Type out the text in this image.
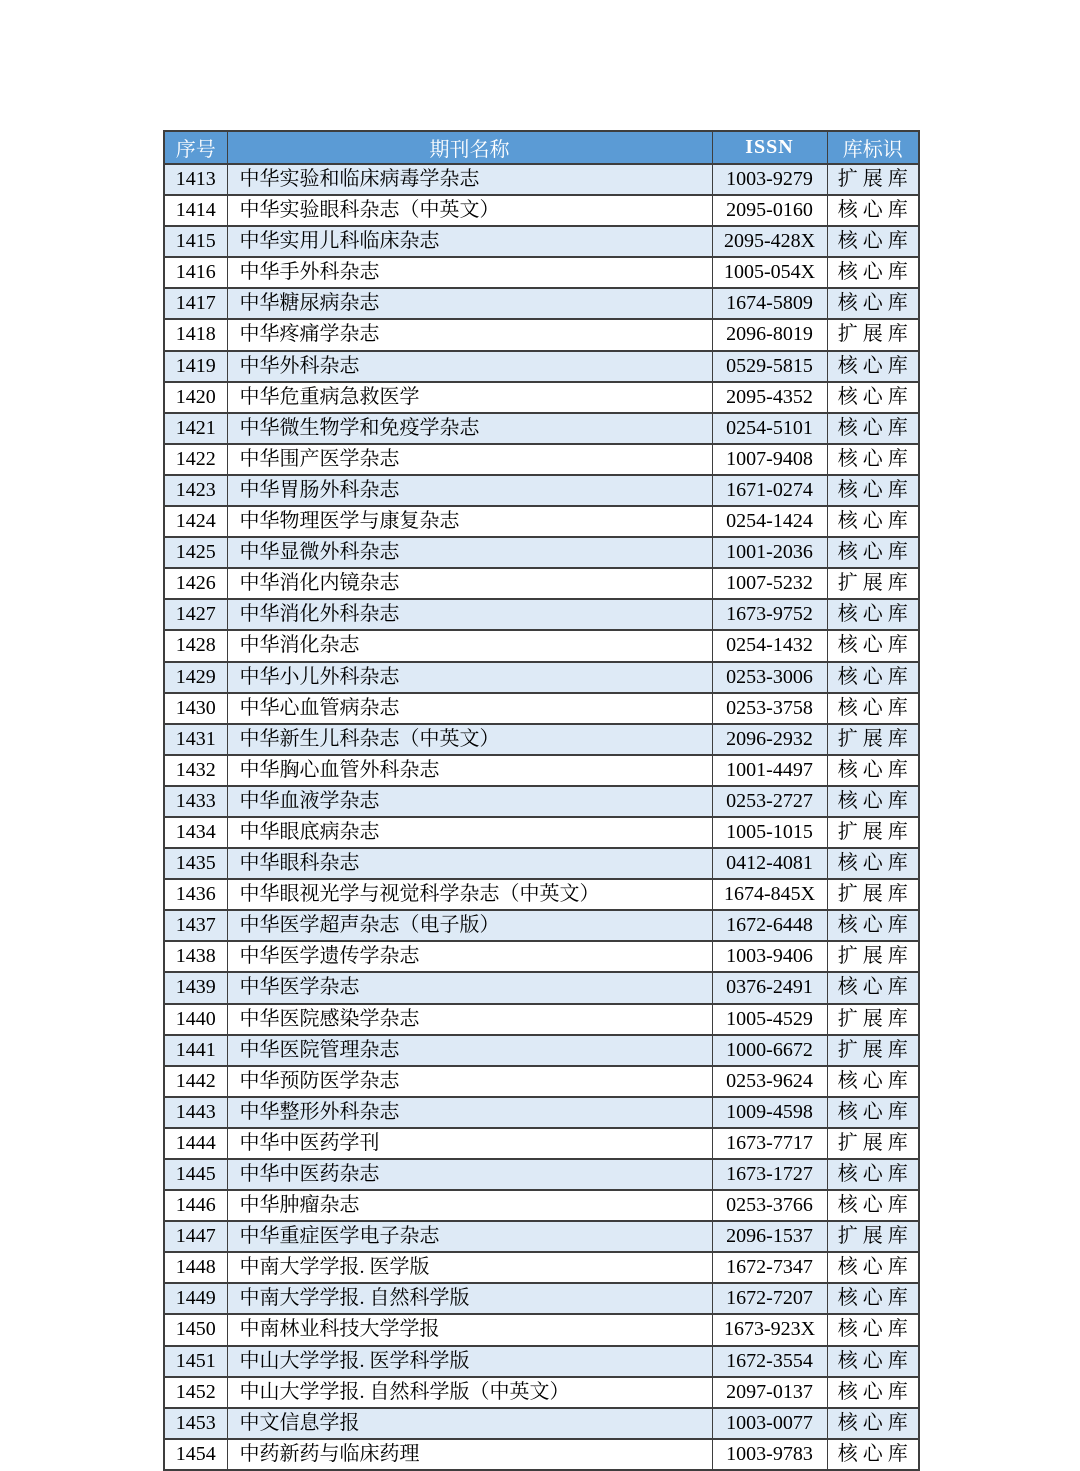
序号	期刊名称	ISSN	库标识
1413	中华实验和临床病毒学杂志	1003-9279	扩展库
1414	中华实验眼科杂志（中英文）	2095-0160	核心库
1415	中华实用儿科临床杂志	2095-428X	核心库
1416	中华手外科杂志	1005-054X	核心库
1417	中华糖尿病杂志	1674-5809	核心库
1418	中华疼痛学杂志	2096-8019	扩展库
1419	中华外科杂志	0529-5815	核心库
1420	中华危重病急救医学	2095-4352	核心库
1421	中华微生物学和免疫学杂志	0254-5101	核心库
1422	中华围产医学杂志	1007-9408	核心库
1423	中华胃肠外科杂志	1671-0274	核心库
1424	中华物理医学与康复杂志	0254-1424	核心库
1425	中华显微外科杂志	1001-2036	核心库
1426	中华消化内镜杂志	1007-5232	扩展库
1427	中华消化外科杂志	1673-9752	核心库
1428	中华消化杂志	0254-1432	核心库
1429	中华小儿外科杂志	0253-3006	核心库
1430	中华心血管病杂志	0253-3758	核心库
1431	中华新生儿科杂志（中英文）	2096-2932	扩展库
1432	中华胸心血管外科杂志	1001-4497	核心库
1433	中华血液学杂志	0253-2727	核心库
1434	中华眼底病杂志	1005-1015	扩展库
1435	中华眼科杂志	0412-4081	核心库
1436	中华眼视光学与视觉科学杂志（中英文）	1674-845X	扩展库
1437	中华医学超声杂志（电子版）	1672-6448	核心库
1438	中华医学遗传学杂志	1003-9406	扩展库
1439	中华医学杂志	0376-2491	核心库
1440	中华医院感染学杂志	1005-4529	扩展库
1441	中华医院管理杂志	1000-6672	扩展库
1442	中华预防医学杂志	0253-9624	核心库
1443	中华整形外科杂志	1009-4598	核心库
1444	中华中医药学刊	1673-7717	扩展库
1445	中华中医药杂志	1673-1727	核心库
1446	中华肿瘤杂志	0253-3766	核心库
1447	中华重症医学电子杂志	2096-1537	扩展库
1448	中南大学学报. 医学版	1672-7347	核心库
1449	中南大学学报. 自然科学版	1672-7207	核心库
1450	中南林业科技大学学报	1673-923X	核心库
1451	中山大学学报. 医学科学版	1672-3554	核心库
1452	中山大学学报. 自然科学版（中英文）	2097-0137	核心库
1453	中文信息学报	1003-0077	核心库
1454	中药新药与临床药理	1003-9783	核心库
